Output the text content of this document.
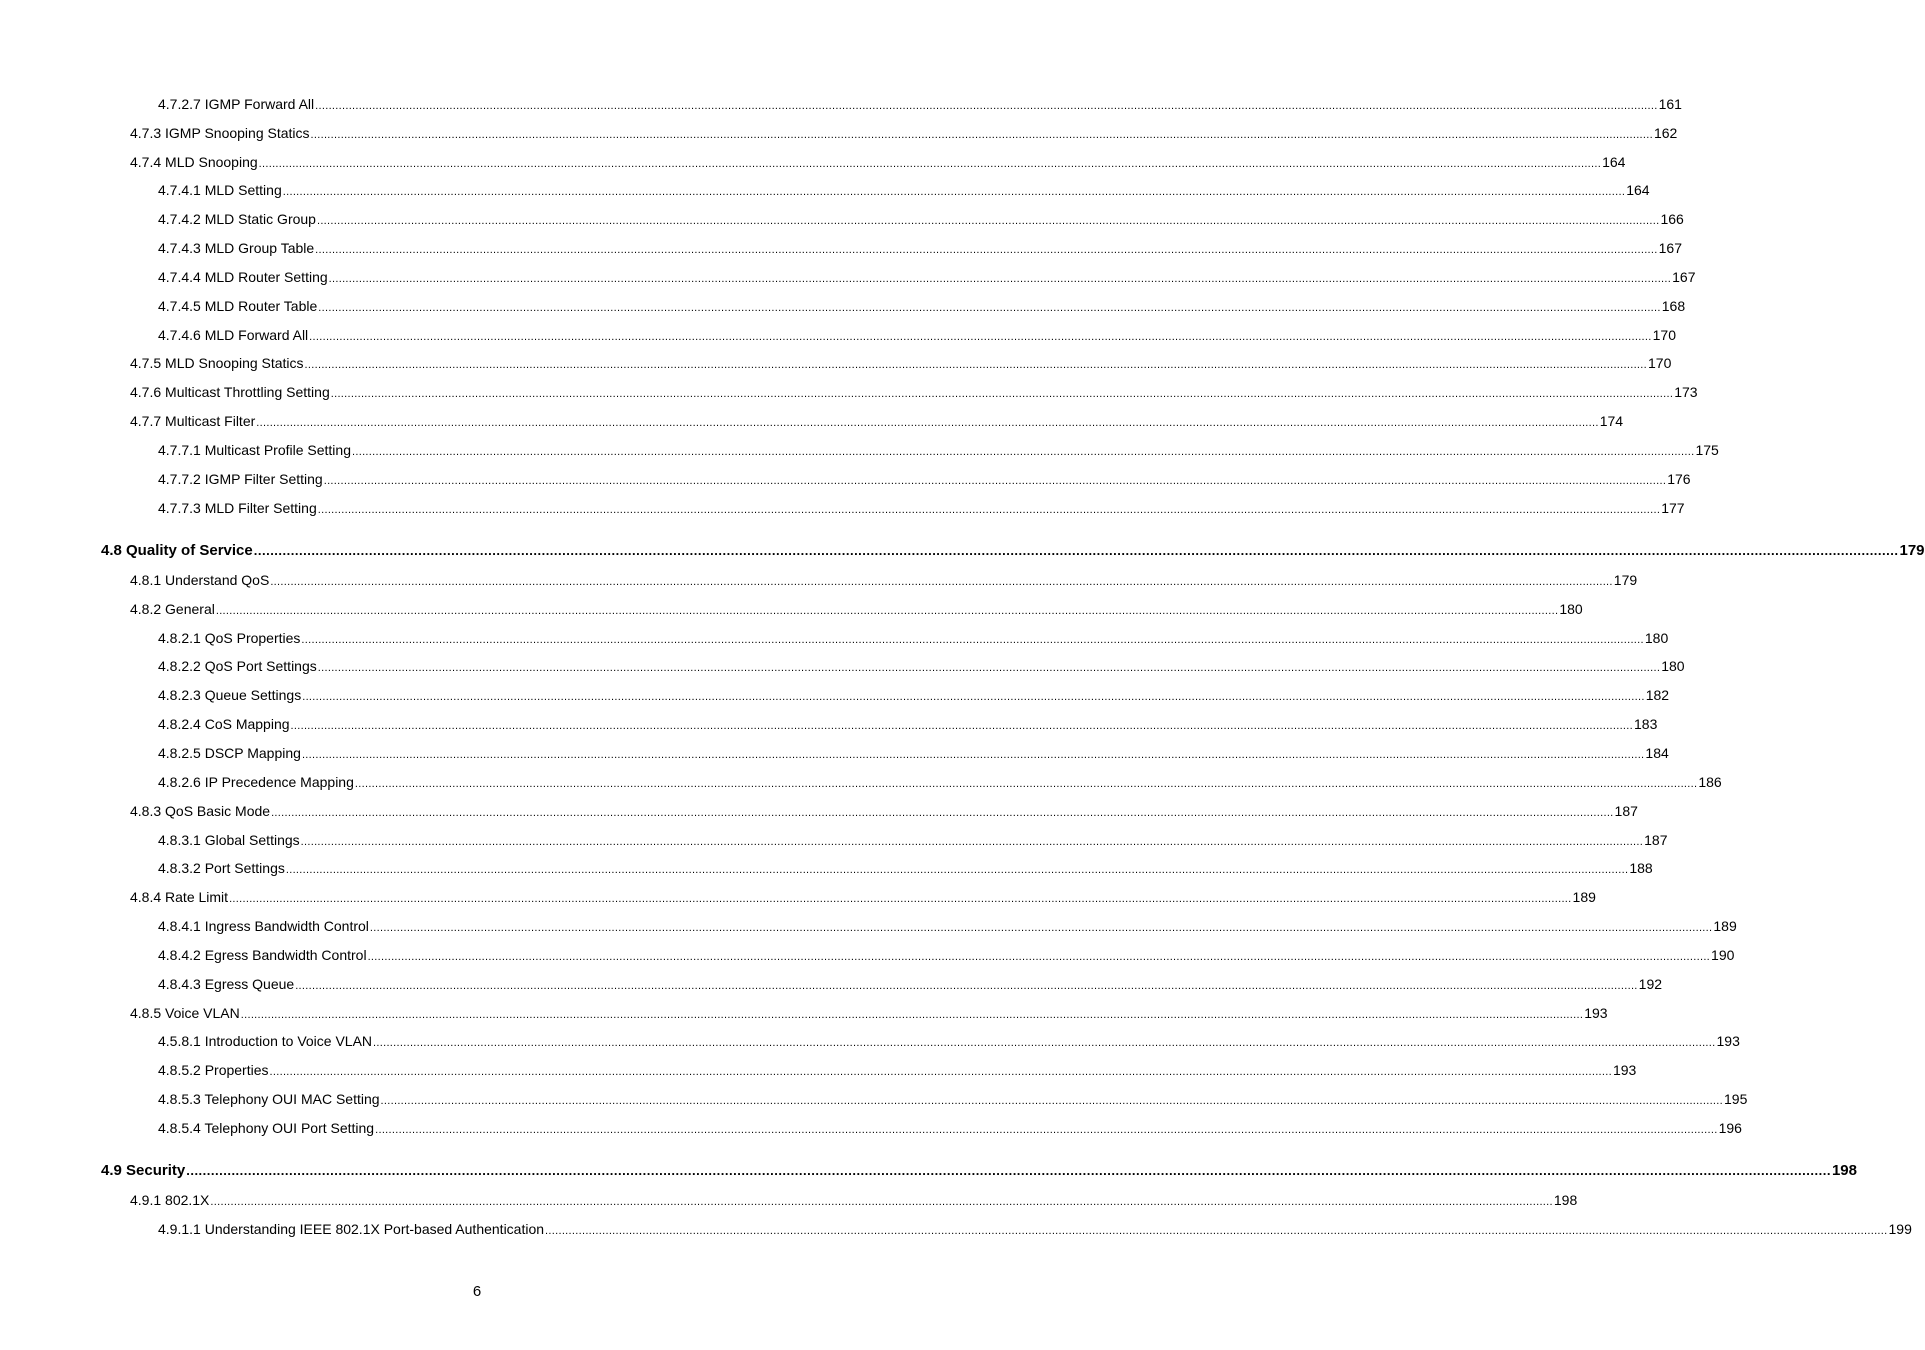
4.7.2.7 IGMP Forward All ................................................................................................................................................................................................................................................................................................................................................................................................................ 161
4.7.3 IGMP Snooping Statics ................................................................................................................................................................................................................................................................................................................................................................................................................ 162
4.7.4 MLD Snooping ................................................................................................................................................................................................................................................................................................................................................................................................................ 164
4.7.4.1 MLD Setting ................................................................................................................................................................................................................................................................................................................................................................................................................ 164
4.7.4.2 MLD Static Group ................................................................................................................................................................................................................................................................................................................................................................................................................ 166
4.7.4.3 MLD Group Table ................................................................................................................................................................................................................................................................................................................................................................................................................ 167
4.7.4.4 MLD Router Setting ................................................................................................................................................................................................................................................................................................................................................................................................................ 167
4.7.4.5 MLD Router Table ................................................................................................................................................................................................................................................................................................................................................................................................................ 168
4.7.4.6 MLD Forward All ................................................................................................................................................................................................................................................................................................................................................................................................................ 170
4.7.5 MLD Snooping Statics ................................................................................................................................................................................................................................................................................................................................................................................................................ 170
4.7.6 Multicast Throttling Setting ................................................................................................................................................................................................................................................................................................................................................................................................................ 173
4.7.7 Multicast Filter ................................................................................................................................................................................................................................................................................................................................................................................................................ 174
4.7.7.1 Multicast Profile Setting ................................................................................................................................................................................................................................................................................................................................................................................................................ 175
4.7.7.2 IGMP Filter Setting ................................................................................................................................................................................................................................................................................................................................................................................................................ 176
4.7.7.3 MLD Filter Setting ................................................................................................................................................................................................................................................................................................................................................................................................................ 177
4.8 Quality of Service ................................................................................................................................................................................................................................................................................................................................................................................................................ 179
4.8.1 Understand QoS ................................................................................................................................................................................................................................................................................................................................................................................................................ 179
4.8.2 General ................................................................................................................................................................................................................................................................................................................................................................................................................ 180
4.8.2.1 QoS Properties ................................................................................................................................................................................................................................................................................................................................................................................................................ 180
4.8.2.2 QoS Port Settings ................................................................................................................................................................................................................................................................................................................................................................................................................ 180
4.8.2.3 Queue Settings ................................................................................................................................................................................................................................................................................................................................................................................................................ 182
4.8.2.4 CoS Mapping ................................................................................................................................................................................................................................................................................................................................................................................................................ 183
4.8.2.5 DSCP Mapping ................................................................................................................................................................................................................................................................................................................................................................................................................ 184
4.8.2.6 IP Precedence Mapping ................................................................................................................................................................................................................................................................................................................................................................................................................ 186
4.8.3 QoS Basic Mode ................................................................................................................................................................................................................................................................................................................................................................................................................ 187
4.8.3.1 Global Settings ................................................................................................................................................................................................................................................................................................................................................................................................................ 187
4.8.3.2 Port Settings ................................................................................................................................................................................................................................................................................................................................................................................................................ 188
4.8.4 Rate Limit ................................................................................................................................................................................................................................................................................................................................................................................................................ 189
4.8.4.1 Ingress Bandwidth Control ................................................................................................................................................................................................................................................................................................................................................................................................................ 189
4.8.4.2 Egress Bandwidth Control ................................................................................................................................................................................................................................................................................................................................................................................................................ 190
4.8.4.3 Egress Queue ................................................................................................................................................................................................................................................................................................................................................................................................................ 192
4.8.5 Voice VLAN ................................................................................................................................................................................................................................................................................................................................................................................................................ 193
4.5.8.1 Introduction to Voice VLAN ................................................................................................................................................................................................................................................................................................................................................................................................................ 193
4.8.5.2 Properties ................................................................................................................................................................................................................................................................................................................................................................................................................ 193
4.8.5.3 Telephony OUI MAC Setting ................................................................................................................................................................................................................................................................................................................................................................................................................ 195
4.8.5.4 Telephony OUI Port Setting ................................................................................................................................................................................................................................................................................................................................................................................................................ 196
4.9 Security ................................................................................................................................................................................................................................................................................................................................................................................................................ 198
4.9.1 802.1X ................................................................................................................................................................................................................................................................................................................................................................................................................ 198
4.9.1.1 Understanding IEEE 802.1X Port-based Authentication ................................................................................................................................................................................................................................................................................................................................................................................................................ 199
6
